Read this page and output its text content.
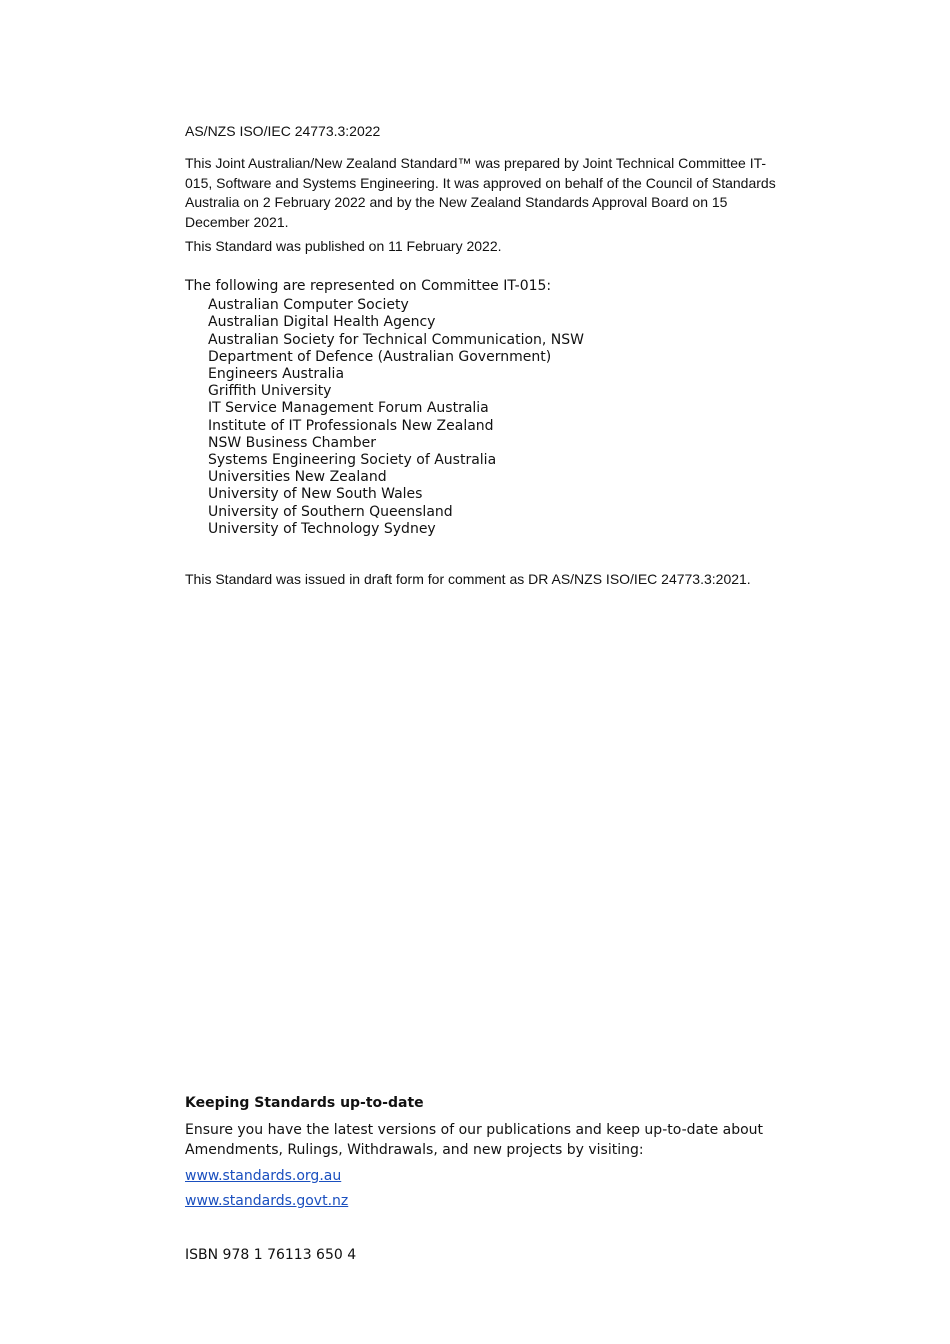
AS/NZS ISO/IEC 24773.3:2022

This Joint Australian/New Zealand Standard™ was prepared by Joint Technical Committee IT-015, Software and Systems Engineering. It was approved on behalf of the Council of Standards Australia on 2 February 2022 and by the New Zealand Standards Approval Board on 15 December 2021.

This Standard was published on 11 February 2022.

The following are represented on Committee IT-015:
Australian Computer Society
Australian Digital Health Agency
Australian Society for Technical Communication, NSW
Department of Defence (Australian Government)
Engineers Australia
Griffith University
IT Service Management Forum Australia
Institute of IT Professionals New Zealand
NSW Business Chamber
Systems Engineering Society of Australia
Universities New Zealand
University of New South Wales
University of Southern Queensland
University of Technology Sydney

This Standard was issued in draft form for comment as DR AS/NZS ISO/IEC 24773.3:2021.

Keeping Standards up-to-date
Ensure you have the latest versions of our publications and keep up-to-date about Amendments, Rulings, Withdrawals, and new projects by visiting:
www.standards.org.au
www.standards.govt.nz

ISBN 978 1 76113 650 4
